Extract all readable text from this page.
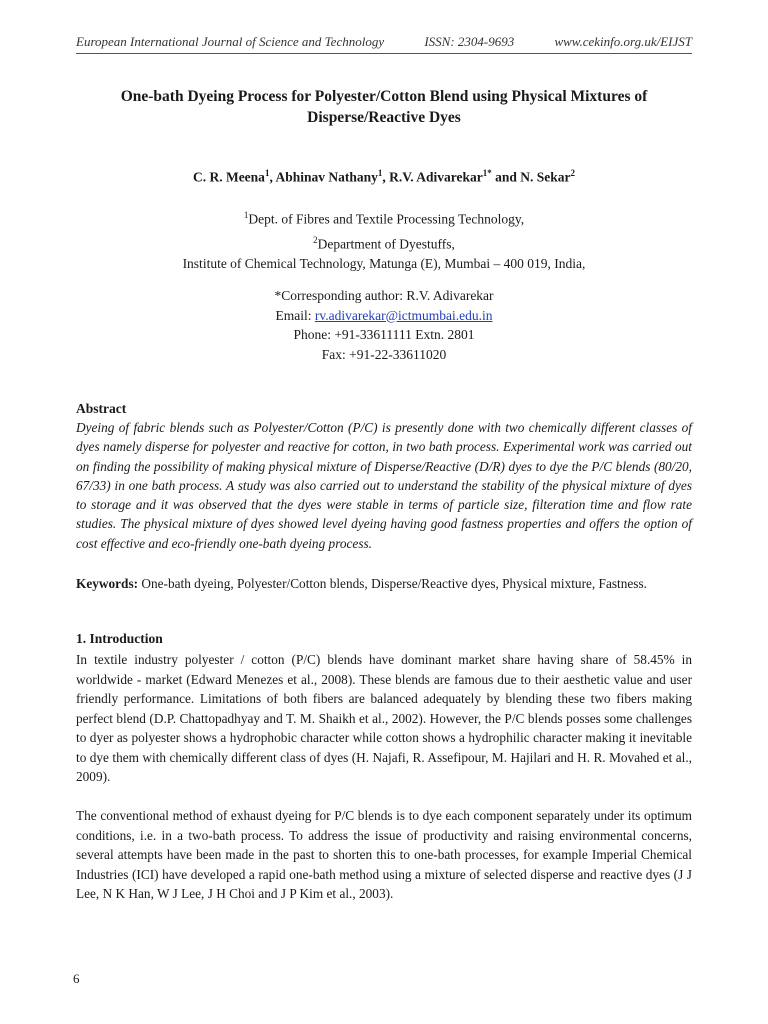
European International Journal of Science and Technology	ISSN: 2304-9693	www.cekinfo.org.uk/EIJST
One-bath Dyeing Process for Polyester/Cotton Blend using Physical Mixtures of Disperse/Reactive Dyes
C. R. Meena$^1$, Abhinav Nathany$^1$, R.V. Adivarekar$^{1*}$ and N. Sekar$^2$
$^1$Dept. of Fibres and Textile Processing Technology,
$^2$Department of Dyestuffs,
Institute of Chemical Technology, Matunga (E), Mumbai – 400 019, India,
*Corresponding author: R.V. Adivarekar
Email: rv.adivarekar@ictmumbai.edu.in
Phone: +91-33611111 Extn. 2801
Fax: +91-22-33611020
Abstract
Dyeing of fabric blends such as Polyester/Cotton (P/C) is presently done with two chemically different classes of dyes namely disperse for polyester and reactive for cotton, in two bath process. Experimental work was carried out on finding the possibility of making physical mixture of Disperse/Reactive (D/R) dyes to dye the P/C blends (80/20, 67/33) in one bath process. A study was also carried out to understand the stability of the physical mixture of dyes to storage and it was observed that the dyes were stable in terms of particle size, filteration time and flow rate studies. The physical mixture of dyes showed level dyeing having good fastness properties and offers the option of cost effective and eco-friendly one-bath dyeing process.
Keywords: One-bath dyeing, Polyester/Cotton blends, Disperse/Reactive dyes, Physical mixture, Fastness.
1. Introduction
In textile industry polyester / cotton (P/C) blends have dominant market share having share of 58.45% in worldwide - market (Edward Menezes et al., 2008). These blends are famous due to their aesthetic value and user friendly performance. Limitations of both fibers are balanced adequately by blending these two fibers making perfect blend (D.P. Chattopadhyay and T. M. Shaikh et al., 2002). However, the P/C blends posses some challenges to dyer as polyester shows a hydrophobic character while cotton shows a hydrophilic character making it inevitable to dye them with chemically different class of dyes (H. Najafi, R. Assefipour, M. Hajilari and H. R. Movahed et al., 2009).
The conventional method of exhaust dyeing for P/C blends is to dye each component separately under its optimum conditions, i.e. in a two-bath process. To address the issue of productivity and raising environmental concerns, several attempts have been made in the past to shorten this to one-bath processes, for example Imperial Chemical Industries (ICI) have developed a rapid one-bath method using a mixture of selected disperse and reactive dyes (J J Lee, N K Han, W J Lee, J H Choi and J P Kim et al., 2003).
6
